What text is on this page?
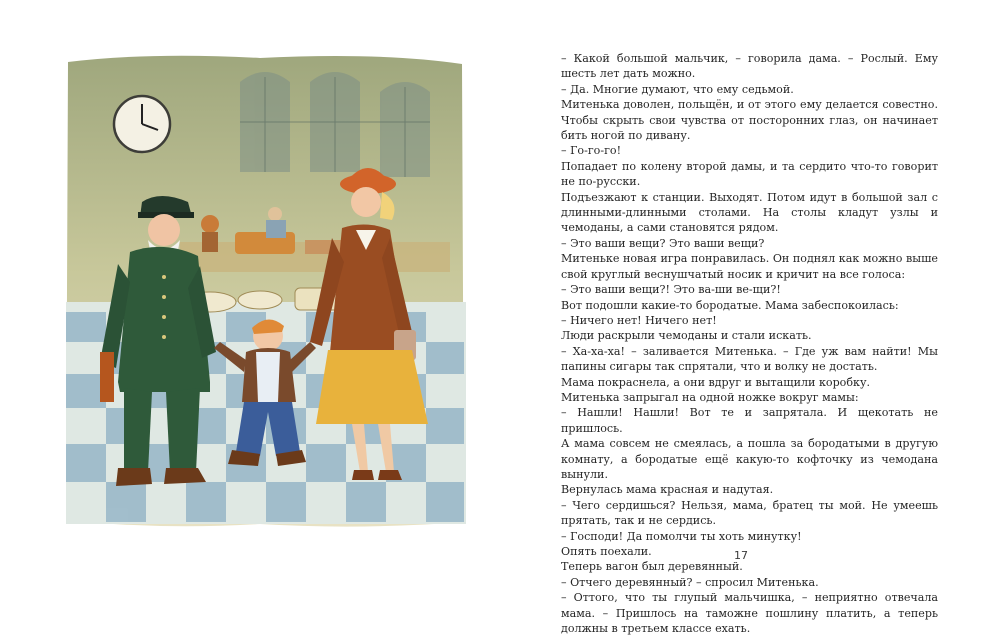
– Какой большой мальчик, – говорила дама. – Рослый. Ему шесть лет дать можно.

– Да. Многие думают, что ему седьмой.

Митенька доволен, польщён, и от этого ему делается совестно. Чтобы скрыть свои чувства от посторонних глаз, он начинает бить ногой по дивану.

– Го-го-го!

Попадает по колену второй дамы, и та сердито что-то говорит не по-русски.

Подъезжают к станции. Выходят. Потом идут в большой зал с длинными-длинными столами. На столы кладут узлы и чемоданы, а сами становятся рядом.

– Это ваши вещи? Это ваши вещи?

Митеньке новая игра понравилась. Он поднял как можно выше свой круглый веснушчатый носик и кричит на все голоса:

– Это ваши вещи?! Это ва-ши ве-щи?!

Вот подошли какие-то бородатые. Мама забеспокоилась:

– Ничего нет! Ничего нет!

Люди раскрыли чемоданы и стали искать.

– Ха-ха-ха! – заливается Митенька. – Где уж вам найти! Мы папины сигары так спрятали, что и волку не достать.

Мама покраснела, а они вдруг и вытащили коробку.

Митенька запрыгал на одной ножке вокруг мамы:

– Нашли! Нашли! Вот те и запрятала. И щекотать не пришлось.

А мама совсем не смеялась, а пошла за бородатыми в другую комнату, а бородатые ещё какую-то кофточку из чемодана вынули.

Вернулась мама красная и надутая.

– Чего сердишься? Нельзя, мама, братец ты мой. Не умеешь прятать, так и не сердись.

– Господи! Да помолчи ты хоть минутку!

Опять поехали.

Теперь вагон был деревянный.

– Отчего деревянный? – спросил Митенька.

– Оттого, что ты глупый мальчишка, – неприятно отвечала мама. – Пришлось на таможне пошлину платить, а теперь должны в третьем классе ехать.

17
